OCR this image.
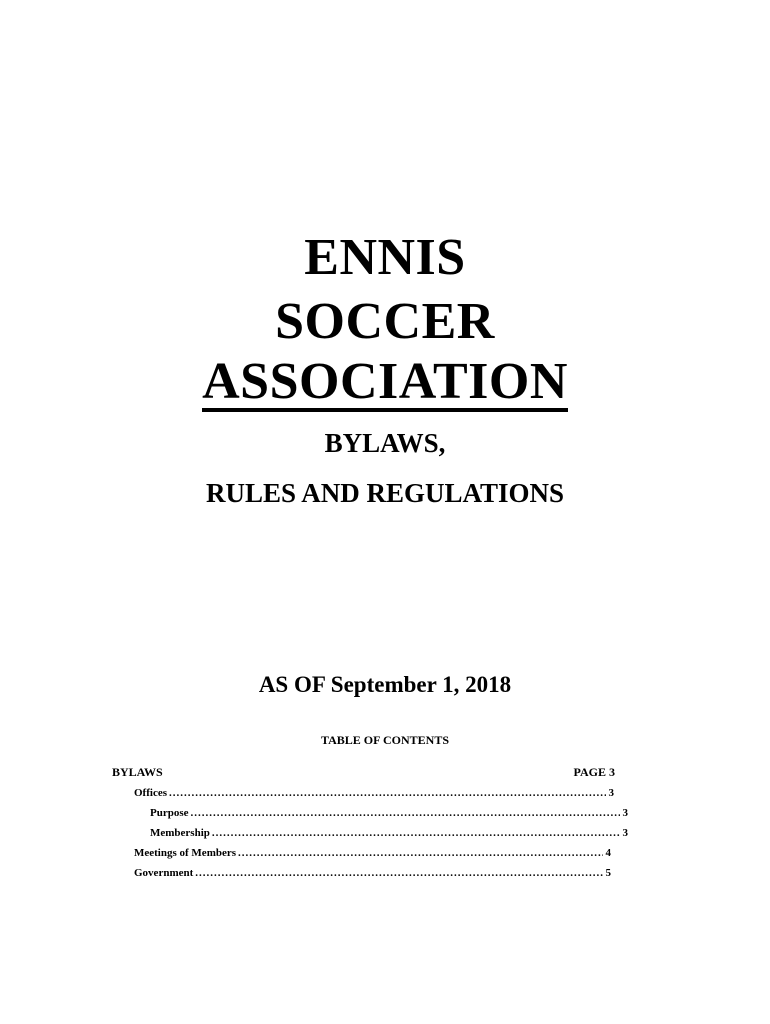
ENNIS
SOCCER
ASSOCIATION
BYLAWS,
RULES AND REGULATIONS
AS OF September 1, 2018
TABLE OF CONTENTS
BYLAWS	PAGE 3
Offices .....	3
Purpose .....	3
Membership .....	3
Meetings of Members .....	4
Government .....	5
